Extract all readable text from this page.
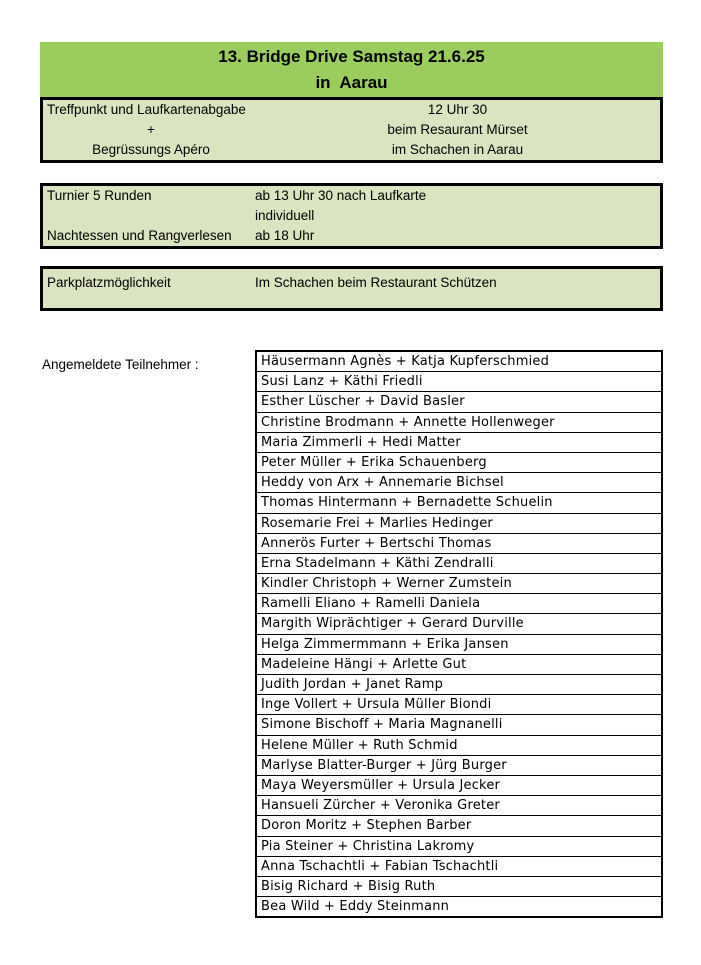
13. Bridge Drive Samstag 21.6.25
in  Aarau
Treffpunkt und Laufkartenabgabe	12 Uhr 30
+	beim Resaurant Mürset
Begrüssungs Apéro	im Schachen in Aarau
Turnier 5 Runden	ab 13 Uhr 30 nach Laufkarte
individuell
Nachtessen und Rangverlesen	ab 18 Uhr
Parkplatzmöglichkeit	Im Schachen beim Restaurant Schützen
Angemeldete Teilnehmer :	Häusermann Agnès + Katja Kupferschmied
Susi Lanz + Käthi Friedli
Esther Lüscher + David Basler
Christine Brodmann + Annette Hollenweger
Maria Zimmerli + Hedi Matter
Peter Müller + Erika Schauenberg
Heddy von Arx + Annemarie Bichsel
Thomas Hintermann + Bernadette Schuelin
Rosemarie Frei + Marlies Hedinger
Annerös Furter + Bertschi Thomas
Erna Stadelmann + Käthi Zendralli
Kindler Christoph + Werner Zumstein
Ramelli Eliano + Ramelli Daniela
Margith Wiprächtiger + Gerard Durville
Helga Zimmermmann + Erika Jansen
Madeleine Hängi + Arlette Gut
Judith Jordan + Janet Ramp
Inge Vollert + Ursula Müller Biondi
Simone Bischoff + Maria Magnanelli
Helene Müller + Ruth Schmid
Marlyse Blatter-Burger + Jürg Burger
Maya Weyersmüller + Ursula Jecker
Hansueli Zürcher + Veronika Greter
Doron Moritz + Stephen Barber
Pia Steiner + Christina Lakromy
Anna Tschachtli + Fabian Tschachtli
Bisig Richard + Bisig Ruth
Bea Wild + Eddy Steinmann
